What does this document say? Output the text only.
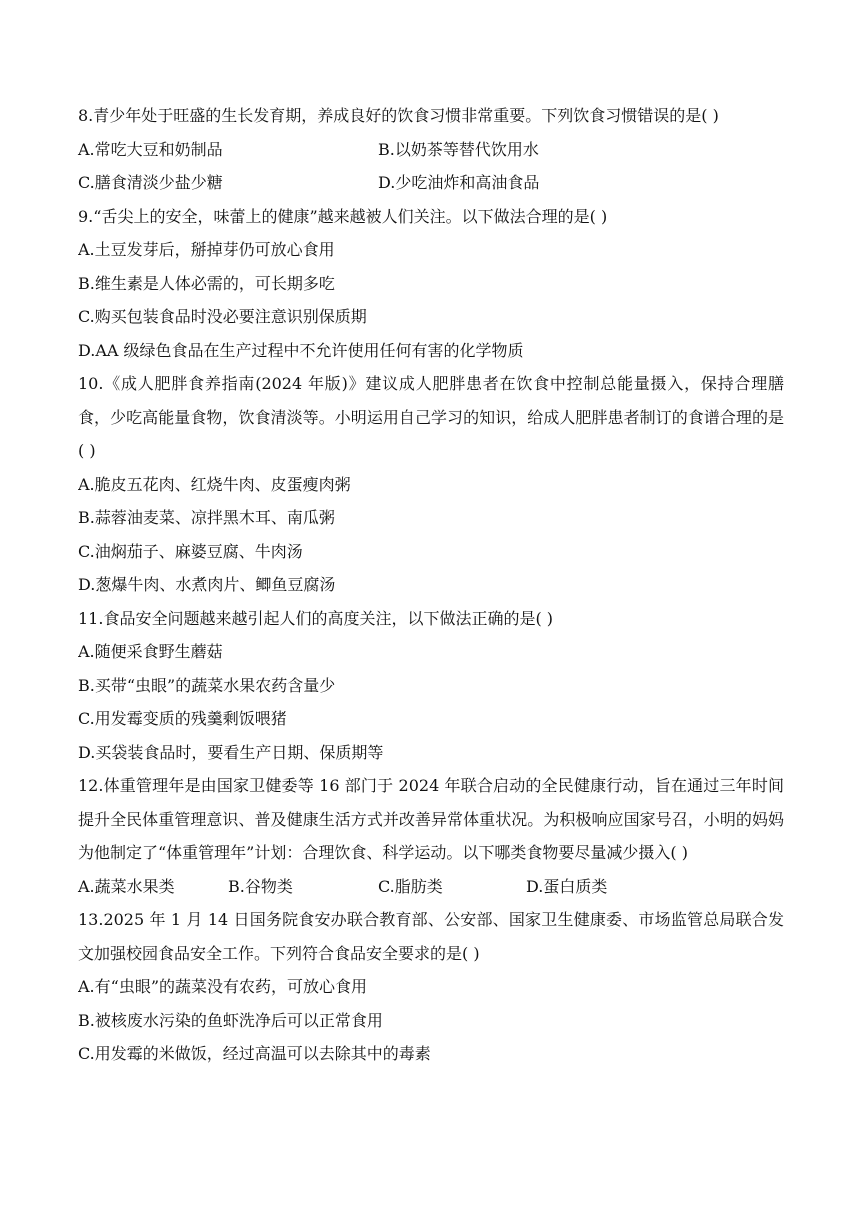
8.青少年处于旺盛的生长发育期，养成良好的饮食习惯非常重要。下列饮食习惯错误的是( )
A.常吃大豆和奶制品	B.以奶茶等替代饮用水
C.膳食清淡少盐少糖	D.少吃油炸和高油食品
9.“舌尖上的安全，味蕾上的健康”越来越被人们关注。以下做法合理的是( )
A.土豆发芽后，掰掉芽仍可放心食用
B.维生素是人体必需的，可长期多吃
C.购买包装食品时没必要注意识别保质期
D.AA 级绿色食品在生产过程中不允许使用任何有害的化学物质
10.《成人肥胖食养指南(2024 年版)》建议成人肥胖患者在饮食中控制总能量摄入，保持合理膳食，少吃高能量食物，饮食清淡等。小明运用自己学习的知识，给成人肥胖患者制订的食谱合理的是( )
A.脆皮五花肉、红烧牛肉、皮蛋瘦肉粥
B.蒜蓉油麦菜、凉拌黑木耳、南瓜粥
C.油焖茄子、麻婆豆腐、牛肉汤
D.葱爆牛肉、水煮肉片、鲫鱼豆腐汤
11.食品安全问题越来越引起人们的高度关注，以下做法正确的是( )
A.随便采食野生蘑菇
B.买带“虫眼”的蔬菜水果农药含量少
C.用发霉变质的残羹剩饭喂猪
D.买袋装食品时，要看生产日期、保质期等
12.体重管理年是由国家卫健委等 16 部门于 2024 年联合启动的全民健康行动，旨在通过三年时间提升全民体重管理意识、普及健康生活方式并改善异常体重状况。为积极响应国家号召，小明的妈妈为他制定了“体重管理年”计划：合理饮食、科学运动。以下哪类食物要尽量减少摄入( )
A.蔬菜水果类	B.谷物类	C.脂肪类	D.蛋白质类
13.2025 年 1 月 14 日国务院食安办联合教育部、公安部、国家卫生健康委、市场监管总局联合发文加强校园食品安全工作。下列符合食品安全要求的是( )
A.有“虫眼”的蔬菜没有农药，可放心食用
B.被核废水污染的鱼虾洗净后可以正常食用
C.用发霉的米做饭，经过高温可以去除其中的毒素
